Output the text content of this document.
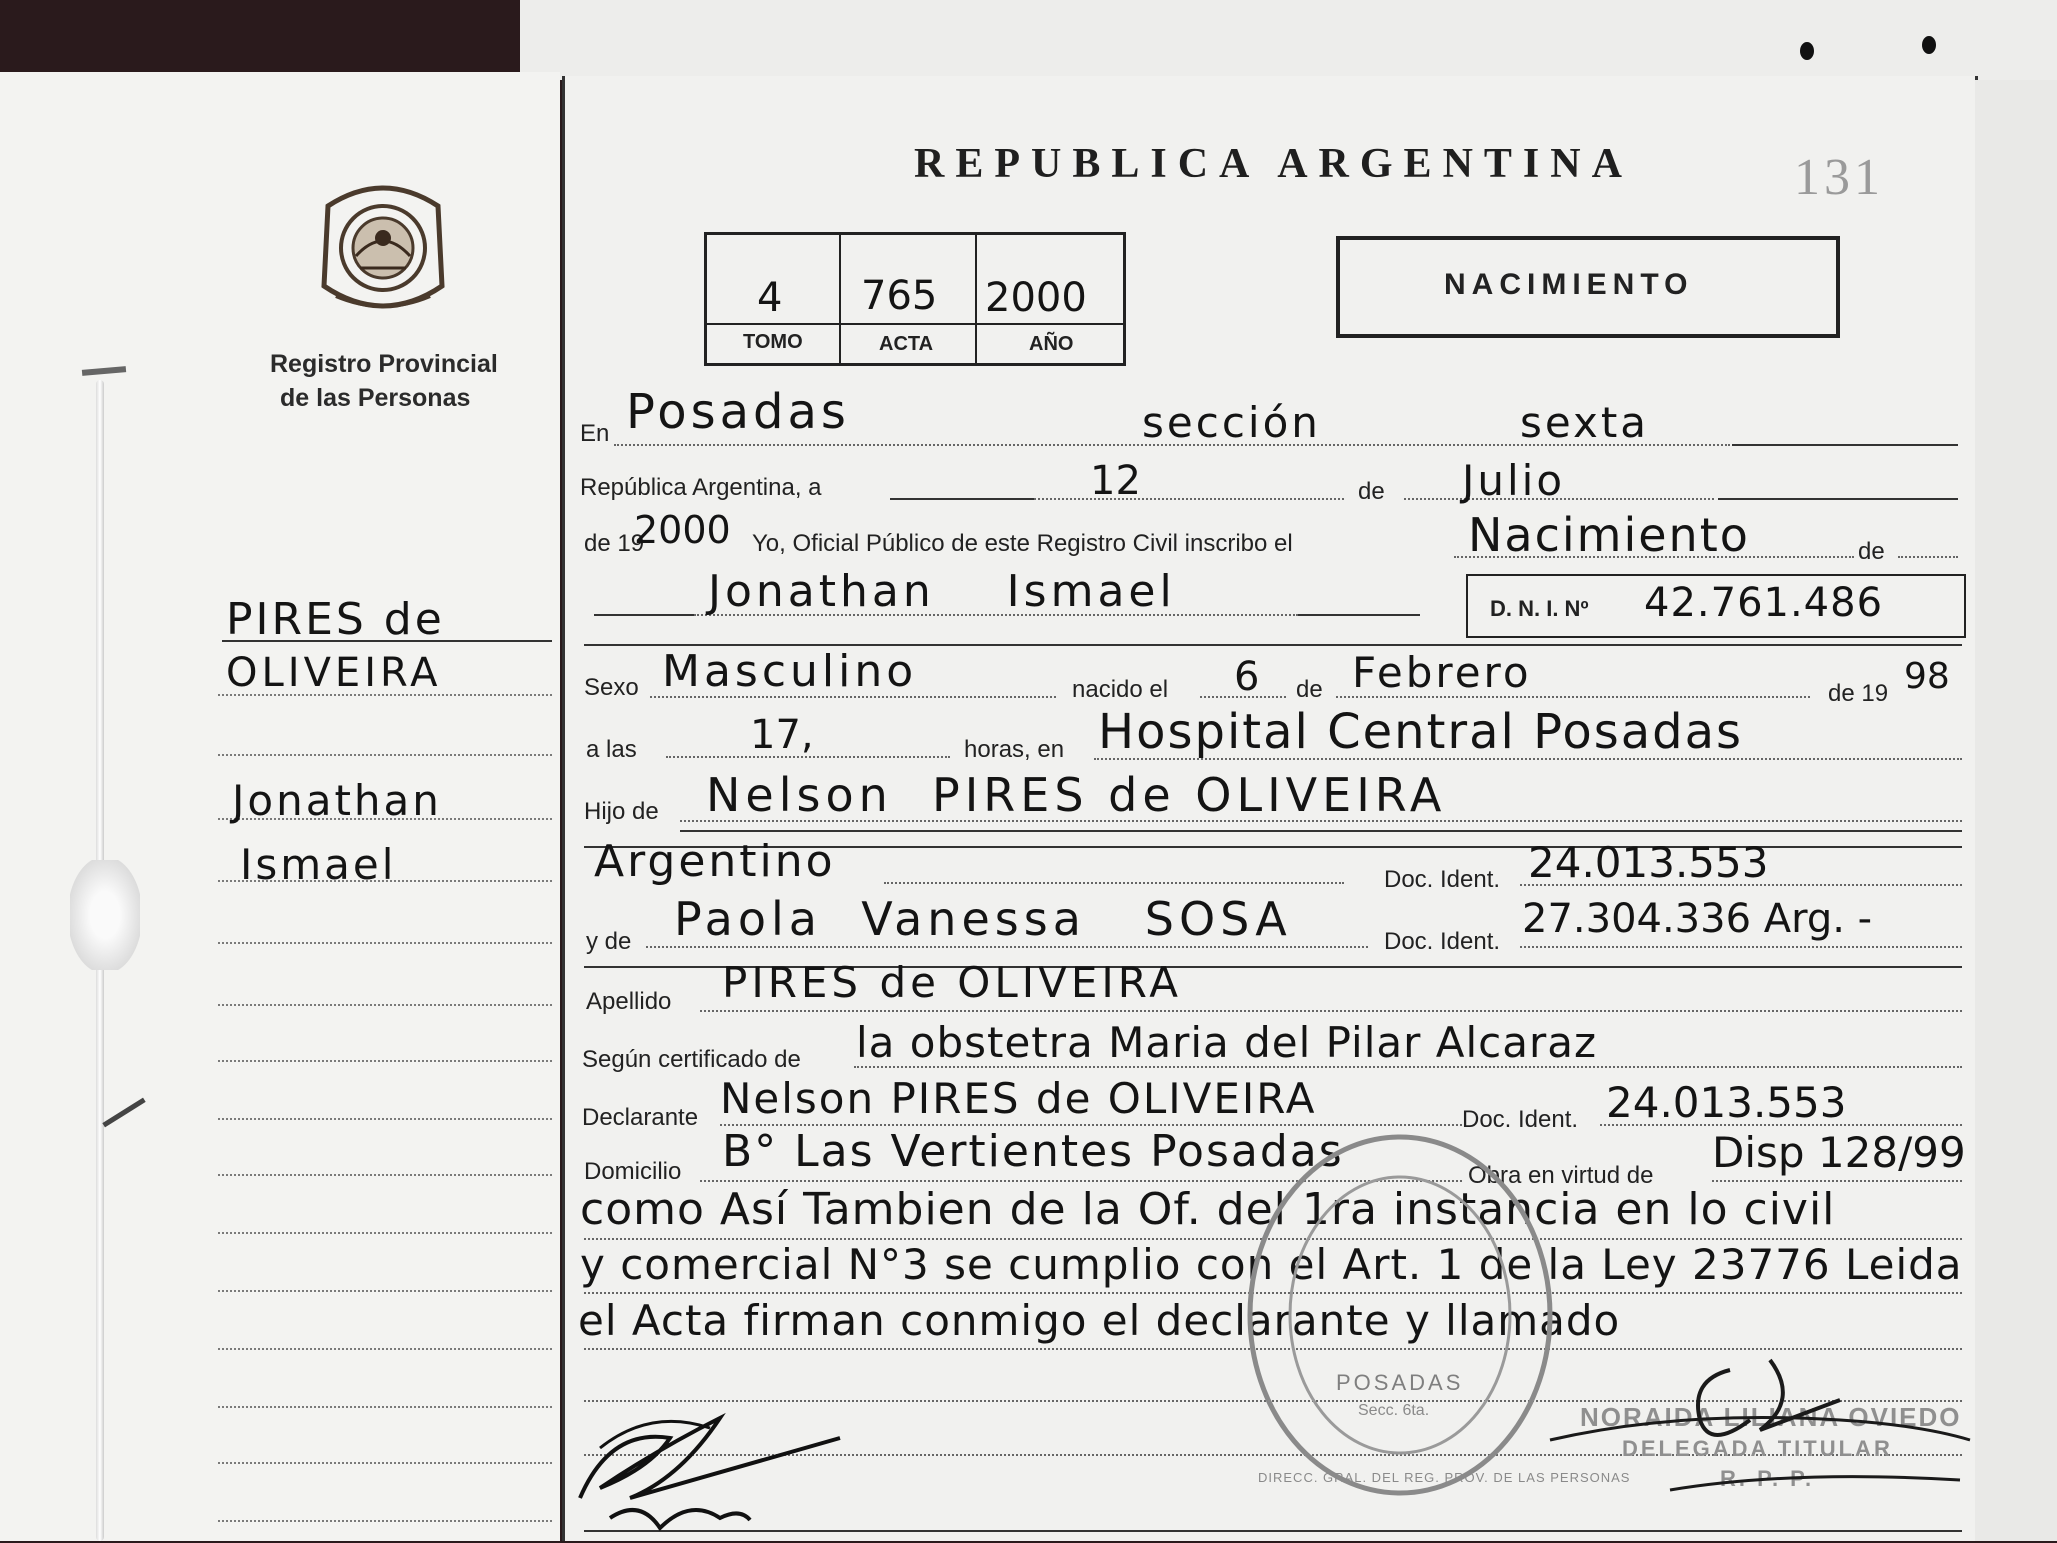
Registro Provincial
de las Personas
PIRES de
OLIVEIRA
Jonathan
Ismael
REPUBLICA ARGENTINA	131
4 765 2000
TOMO	ACTA	AÑO
NACIMIENTO
En Posadas	sección	sexta
República Argentina, a	12	de Julio
de 19
2000 Yo, Oficial Público de este Registro Civil inscribo el	Nacimiento	de
Jonathan    Ismael	D. N. I. Nº 42.761.486
Sexo Masculino	nacido el 6 de Febrero	de 19 98
a las	17,	horas, en Hospital Central Posadas
Hijo de Nelson  PIRES de OLIVEIRA
Argentino	Doc. Ident. 24.013.553
y de Paola  Vanessa   SOSA	Doc. Ident. 27.304.336 Arg. -
Apellido PIRES de OLIVEIRA
Según certificado de la obstetra Maria del Pilar Alcaraz
Declarante Nelson PIRES de OLIVEIRA	Doc. Ident. 24.013.553
Domicilio B° Las Vertientes Posadas	Obra en virtud de Disp 128/99
como Así Tambien de la Of. del 1ra instancia en lo civil
y comercial N°3 se cumplio con el Art. 1 de la Ley 23776 Leida
el Acta firman conmigo el declarante y llamado
POSADAS
Secc. 6ta.
DIRECC. GRAL. DEL REG. PROV. DE LAS PERSONAS
NORAIDA LILIANA OVIEDO
DELEGADA TITULAR
R. P. P.
